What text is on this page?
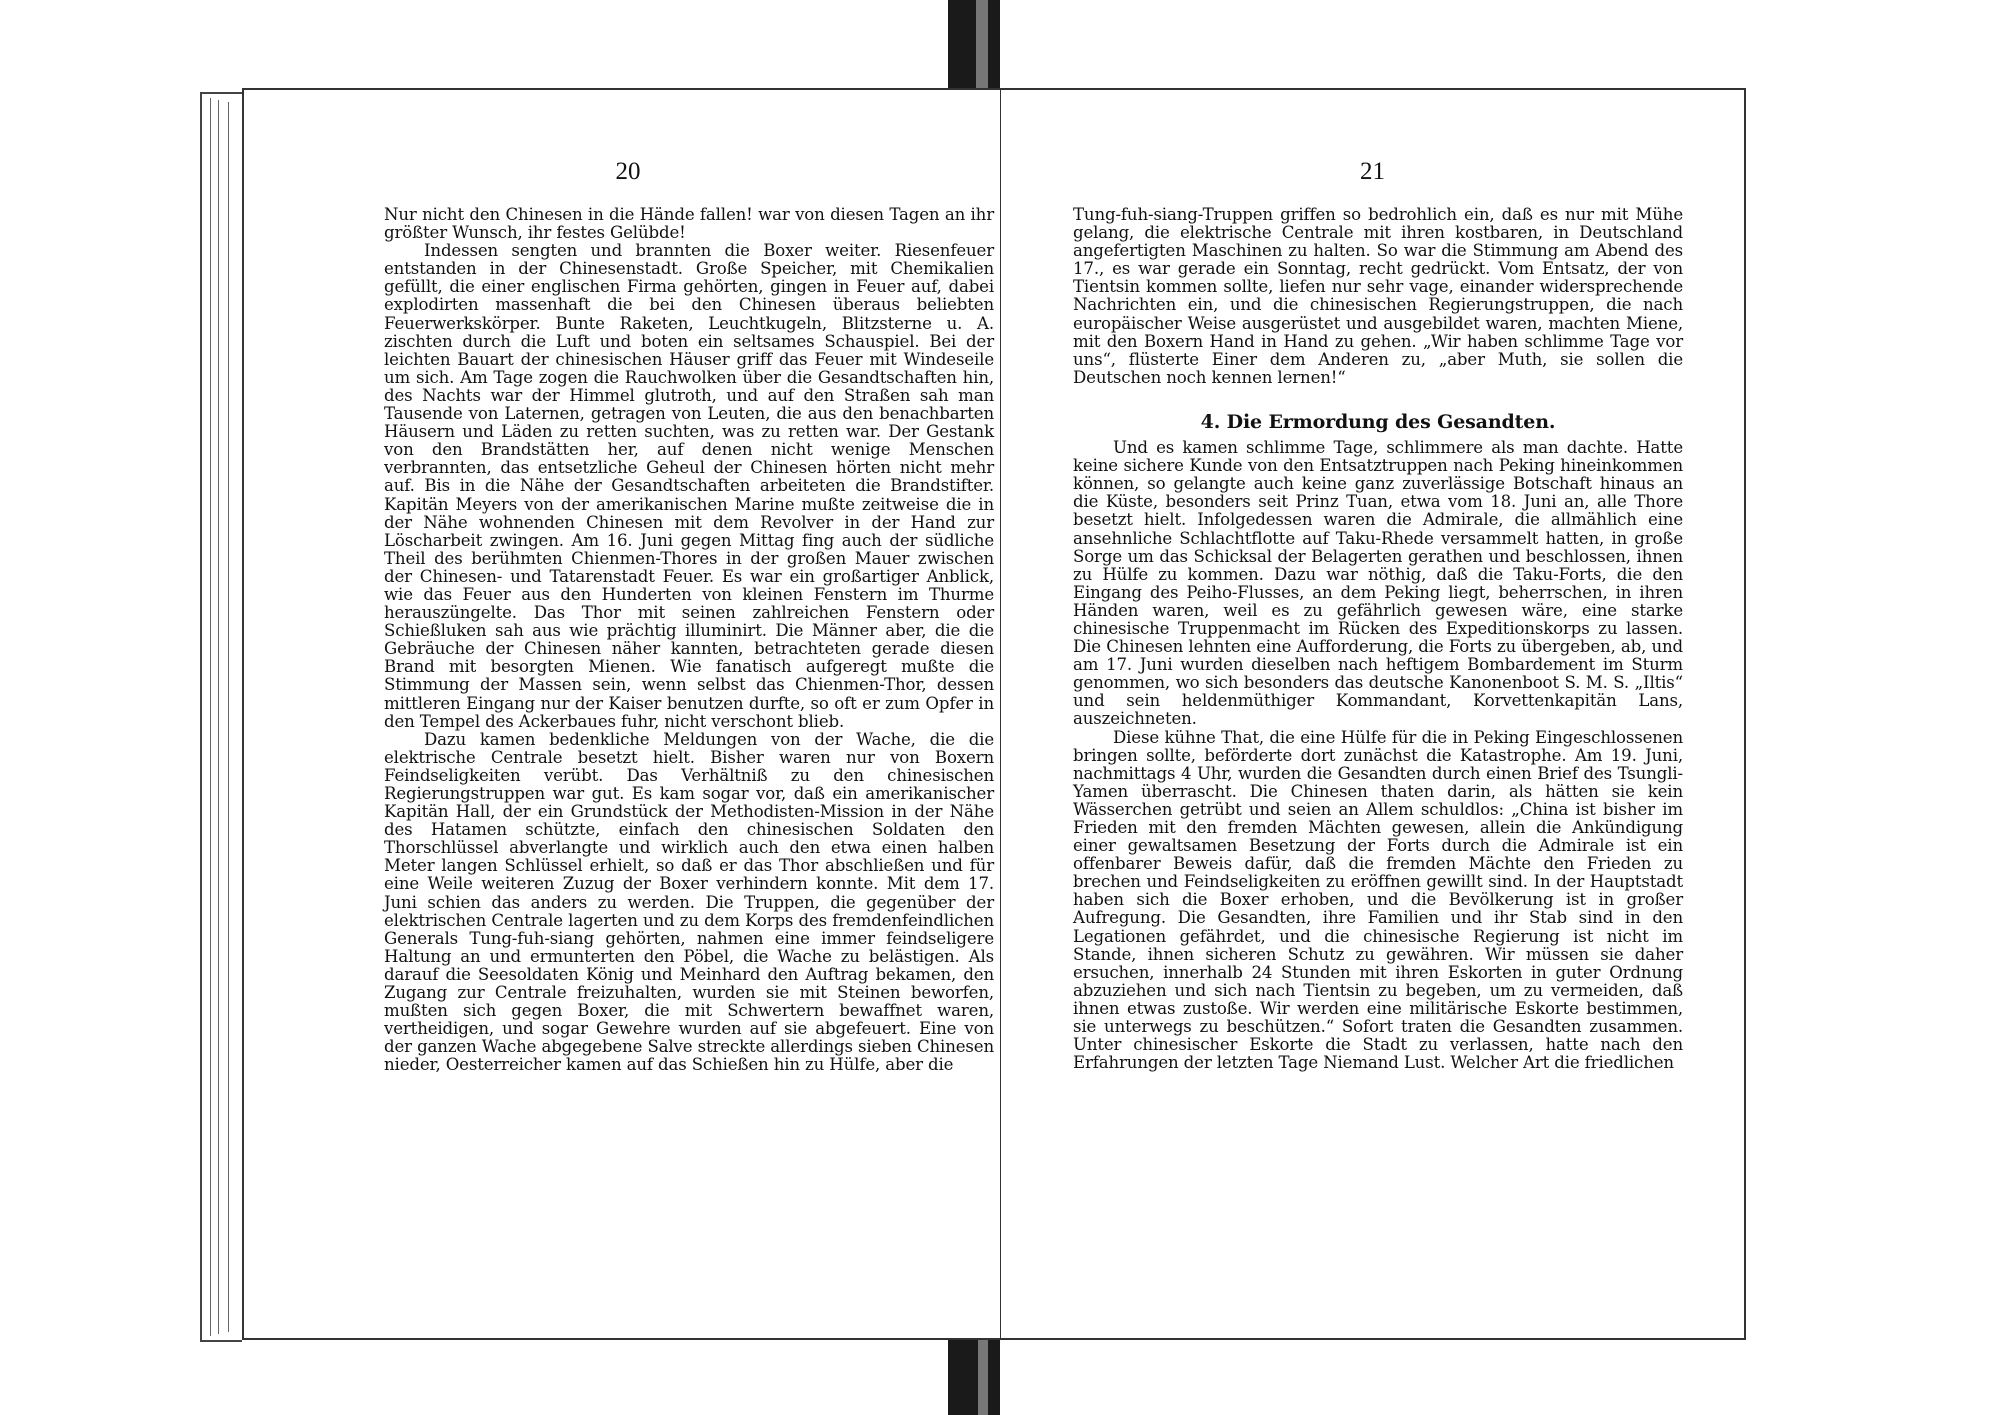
20

Nur nicht den Chinesen in die Hände fallen! war von diesen Tagen an ihr größter Wunsch, ihr festes Gelübde!

Indessen sengten und brannten die Boxer weiter. Riesenfeuer entstanden in der Chinesenstadt. Große Speicher, mit Chemikalien gefüllt, die einer englischen Firma gehörten, gingen in Feuer auf, dabei explodirten massenhaft die bei den Chinesen überaus beliebten Feuerwerkskörper. Bunte Raketen, Leuchtkugeln, Blitzsterne u. A. zischten durch die Luft und boten ein seltsames Schauspiel. Bei der leichten Bauart der chinesischen Häuser griff das Feuer mit Windeseile um sich. Am Tage zogen die Rauchwolken über die Gesandtschaften hin, des Nachts war der Himmel glutroth, und auf den Straßen sah man Tausende von Laternen, getragen von Leuten, die aus den benachbarten Häusern und Läden zu retten suchten, was zu retten war. Der Gestank von den Brandstätten her, auf denen nicht wenige Menschen verbrannten, das entsetzliche Geheul der Chinesen hörten nicht mehr auf. Bis in die Nähe der Gesandtschaften arbeiteten die Brandstifter. Kapitän Meyers von der amerikanischen Marine mußte zeitweise die in der Nähe wohnenden Chinesen mit dem Revolver in der Hand zur Löscharbeit zwingen. Am 16. Juni gegen Mittag fing auch der südliche Theil des berühmten Chienmen-Thores in der großen Mauer zwischen der Chinesen- und Tatarenstadt Feuer. Es war ein großartiger Anblick, wie das Feuer aus den Hunderten von kleinen Fenstern im Thurme herauszüngelte. Das Thor mit seinen zahlreichen Fenstern oder Schießluken sah aus wie prächtig illuminirt. Die Männer aber, die die Gebräuche der Chinesen näher kannten, betrachteten gerade diesen Brand mit besorgten Mienen. Wie fanatisch aufgeregt mußte die Stimmung der Massen sein, wenn selbst das Chienmen-Thor, dessen mittleren Eingang nur der Kaiser benutzen durfte, so oft er zum Opfer in den Tempel des Ackerbaues fuhr, nicht verschont blieb.

Dazu kamen bedenkliche Meldungen von der Wache, die die elektrische Centrale besetzt hielt. Bisher waren nur von Boxern Feindseligkeiten verübt. Das Verhältniß zu den chinesischen Regierungstruppen war gut. Es kam sogar vor, daß ein amerikanischer Kapitän Hall, der ein Grundstück der Methodisten-Mission in der Nähe des Hatamen schützte, einfach den chinesischen Soldaten den Thorschlüssel abverlangte und wirklich auch den etwa einen halben Meter langen Schlüssel erhielt, so daß er das Thor abschließen und für eine Weile weiteren Zuzug der Boxer verhindern konnte. Mit dem 17. Juni schien das anders zu werden. Die Truppen, die gegenüber der elektrischen Centrale lagerten und zu dem Korps des fremdenfeindlichen Generals Tung-fuh-siang gehörten, nahmen eine immer feindseligere Haltung an und ermunterten den Pöbel, die Wache zu belästigen. Als darauf die Seesoldaten König und Meinhard den Auftrag bekamen, den Zugang zur Centrale freizuhalten, wurden sie mit Steinen beworfen, mußten sich gegen Boxer, die mit Schwertern bewaffnet waren, vertheidigen, und sogar Gewehre wurden auf sie abgefeuert. Eine von der ganzen Wache abgegebene Salve streckte allerdings sieben Chinesen nieder, Oesterreicher kamen auf das Schießen hin zu Hülfe, aber die

21

Tung-fuh-siang-Truppen griffen so bedrohlich ein, daß es nur mit Mühe gelang, die elektrische Centrale mit ihren kostbaren, in Deutschland angefertigten Maschinen zu halten. So war die Stimmung am Abend des 17., es war gerade ein Sonntag, recht gedrückt. Vom Entsatz, der von Tientsin kommen sollte, liefen nur sehr vage, einander widersprechende Nachrichten ein, und die chinesischen Regierungstruppen, die nach europäischer Weise ausgerüstet und ausgebildet waren, machten Miene, mit den Boxern Hand in Hand zu gehen. „Wir haben schlimme Tage vor uns“, flüsterte Einer dem Anderen zu, „aber Muth, sie sollen die Deutschen noch kennen lernen!“

4. Die Ermordung des Gesandten.

Und es kamen schlimme Tage, schlimmere als man dachte. Hatte keine sichere Kunde von den Entsatztruppen nach Peking hineinkommen können, so gelangte auch keine ganz zuverlässige Botschaft hinaus an die Küste, besonders seit Prinz Tuan, etwa vom 18. Juni an, alle Thore besetzt hielt. Infolgedessen waren die Admirale, die allmählich eine ansehnliche Schlachtflotte auf Taku-Rhede versammelt hatten, in große Sorge um das Schicksal der Belagerten gerathen und beschlossen, ihnen zu Hülfe zu kommen. Dazu war nöthig, daß die Taku-Forts, die den Eingang des Peiho-Flusses, an dem Peking liegt, beherrschen, in ihren Händen waren, weil es zu gefährlich gewesen wäre, eine starke chinesische Truppenmacht im Rücken des Expeditionskorps zu lassen. Die Chinesen lehnten eine Aufforderung, die Forts zu übergeben, ab, und am 17. Juni wurden dieselben nach heftigem Bombardement im Sturm genommen, wo sich besonders das deutsche Kanonenboot S. M. S. „Iltis“ und sein heldenmüthiger Kommandant, Korvettenkapitän Lans, auszeichneten.

Diese kühne That, die eine Hülfe für die in Peking Eingeschlossenen bringen sollte, beförderte dort zunächst die Katastrophe. Am 19. Juni, nachmittags 4 Uhr, wurden die Gesandten durch einen Brief des Tsungli-Yamen überrascht. Die Chinesen thaten darin, als hätten sie kein Wässerchen getrübt und seien an Allem schuldlos: „China ist bisher im Frieden mit den fremden Mächten gewesen, allein die Ankündigung einer gewaltsamen Besetzung der Forts durch die Admirale ist ein offenbarer Beweis dafür, daß die fremden Mächte den Frieden zu brechen und Feindseligkeiten zu eröffnen gewillt sind. In der Hauptstadt haben sich die Boxer erhoben, und die Bevölkerung ist in großer Aufregung. Die Gesandten, ihre Familien und ihr Stab sind in den Legationen gefährdet, und die chinesische Regierung ist nicht im Stande, ihnen sicheren Schutz zu gewähren. Wir müssen sie daher ersuchen, innerhalb 24 Stunden mit ihren Eskorten in guter Ordnung abzuziehen und sich nach Tientsin zu begeben, um zu vermeiden, daß ihnen etwas zustoße. Wir werden eine militärische Eskorte bestimmen, sie unterwegs zu beschützen.“ Sofort traten die Gesandten zusammen. Unter chinesischer Eskorte die Stadt zu verlassen, hatte nach den Erfahrungen der letzten Tage Niemand Lust. Welcher Art die friedlichen
